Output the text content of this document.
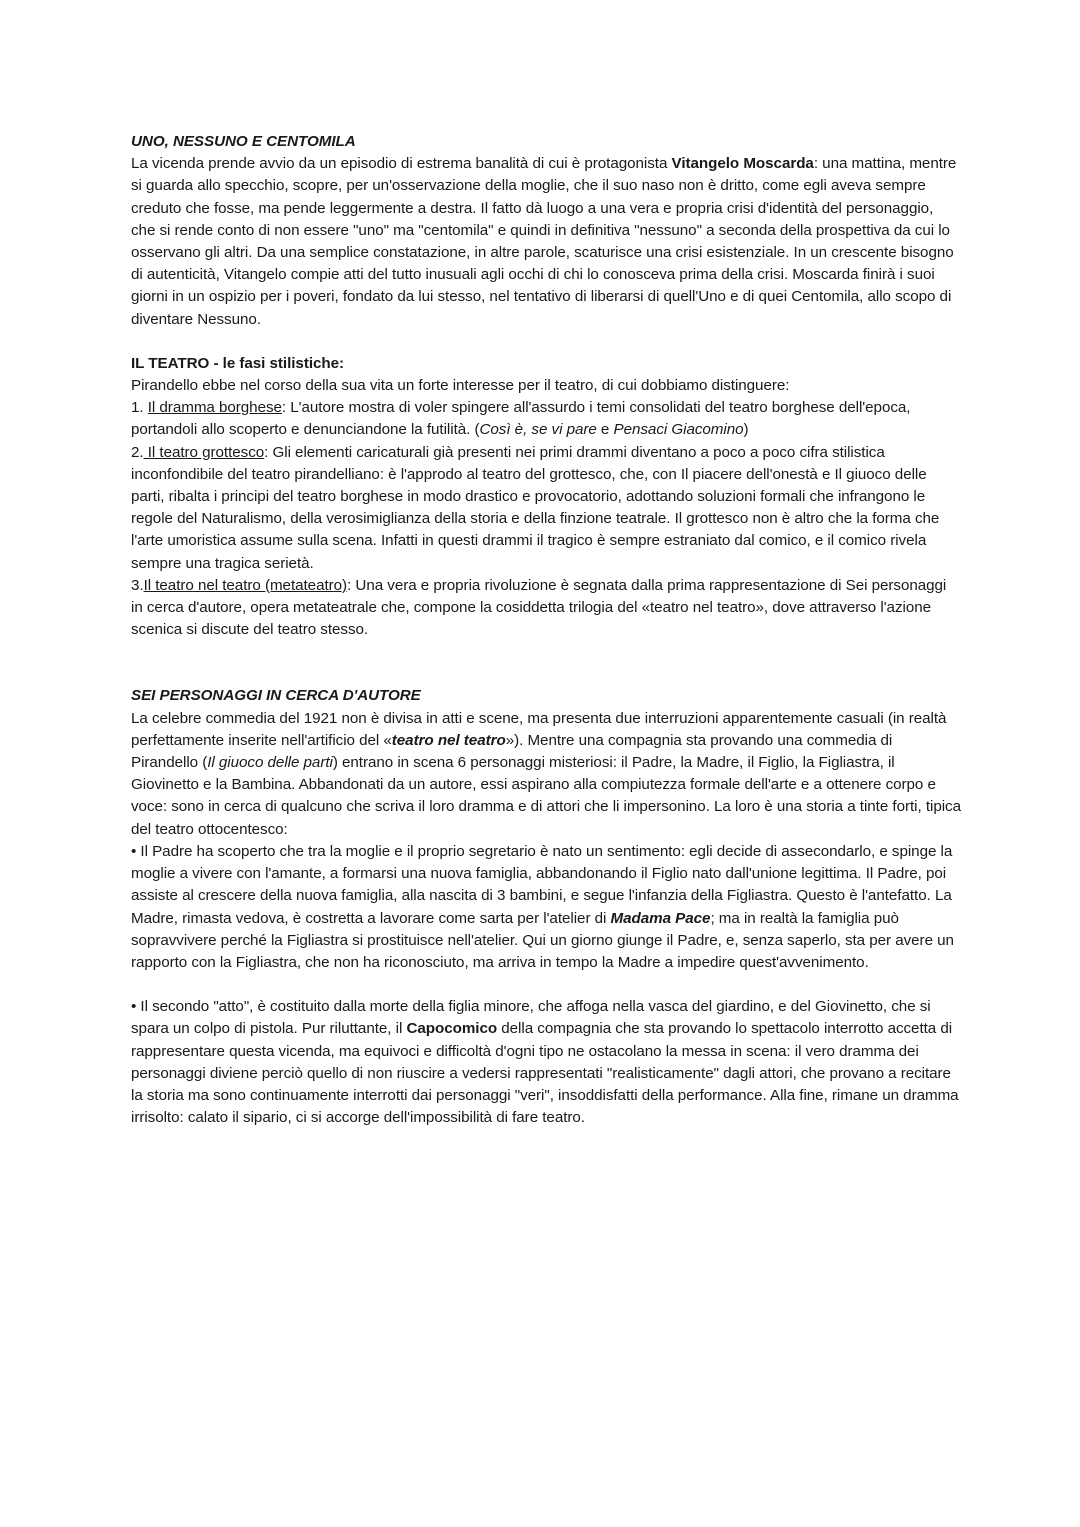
UNO, NESSUNO E CENTOMILA

La vicenda prende avvio da un episodio di estrema banalità di cui è protagonista Vitangelo Moscarda: una mattina, mentre si guarda allo specchio, scopre, per un'osservazione della moglie, che il suo naso non è dritto, come egli aveva sempre creduto che fosse, ma pende leggermente a destra. Il fatto dà luogo a una vera e propria crisi d'identità del personaggio, che si rende conto di non essere "uno" ma "centomila" e quindi in definitiva "nessuno" a seconda della prospettiva da cui lo osservano gli altri. Da una semplice constatazione, in altre parole, scaturisce una crisi esistenziale. In un crescente bisogno di autenticità, Vitangelo compie atti del tutto inusuali agli occhi di chi lo conosceva prima della crisi. Moscarda finirà i suoi giorni in un ospizio per i poveri, fondato da lui stesso, nel tentativo di liberarsi di quell'Uno e di quei Centomila, allo scopo di diventare Nessuno.

IL TEATRO - le fasi stilistiche:

Pirandello ebbe nel corso della sua vita un forte interesse per il teatro, di cui dobbiamo distinguere:

1. Il dramma borghese: L'autore mostra di voler spingere all'assurdo i temi consolidati del teatro borghese dell'epoca, portandoli allo scoperto e denunciandone la futilità. (Così è, se vi pare e Pensaci Giacomino)

2. Il teatro grottesco: Gli elementi caricaturali già presenti nei primi drammi diventano a poco a poco cifra stilistica inconfondibile del teatro pirandelliano: è l'approdo al teatro del grottesco, che, con Il piacere dell'onestà e Il giuoco delle parti, ribalta i principi del teatro borghese in modo drastico e provocatorio, adottando soluzioni formali che infrangono le regole del Naturalismo, della verosimiglianza della storia e della finzione teatrale. Il grottesco non è altro che la forma che l'arte umoristica assume sulla scena. Infatti in questi drammi il tragico è sempre estraniato dal comico, e il comico rivela sempre una tragica serietà.

3.Il teatro nel teatro (metateatro): Una vera e propria rivoluzione è segnata dalla prima rappresentazione di Sei personaggi in cerca d'autore, opera metateatrale che, compone la cosiddetta trilogia del «teatro nel teatro», dove attraverso l'azione scenica si discute del teatro stesso.

SEI PERSONAGGI IN CERCA D'AUTORE

La celebre commedia del 1921 non è divisa in atti e scene, ma presenta due interruzioni apparentemente casuali (in realtà perfettamente inserite nell'artificio del «teatro nel teatro»). Mentre una compagnia sta provando una commedia di Pirandello (Il giuoco delle parti) entrano in scena 6 personaggi misteriosi: il Padre, la Madre, il Figlio, la Figliastra, il Giovinetto e la Bambina. Abbandonati da un autore, essi aspirano alla compiutezza formale dell'arte e a ottenere corpo e voce: sono in cerca di qualcuno che scriva il loro dramma e di attori che li impersonino. La loro è una storia a tinte forti, tipica del teatro ottocentesco:

• Il Padre ha scoperto che tra la moglie e il proprio segretario è nato un sentimento: egli decide di assecondarlo, e spinge la moglie a vivere con l'amante, a formarsi una nuova famiglia, abbandonando il Figlio nato dall'unione legittima. Il Padre, poi assiste al crescere della nuova famiglia, alla nascita di 3 bambini, e segue l'infanzia della Figliastra. Questo è l'antefatto. La Madre, rimasta vedova, è costretta a lavorare come sarta per l'atelier di Madama Pace; ma in realtà la famiglia può sopravvivere perché la Figliastra si prostituisce nell'atelier. Qui un giorno giunge il Padre, e, senza saperlo, sta per avere un rapporto con la Figliastra, che non ha riconosciuto, ma arriva in tempo la Madre a impedire quest'avvenimento.

• Il secondo "atto", è costituito dalla morte della figlia minore, che affoga nella vasca del giardino, e del Giovinetto, che si spara un colpo di pistola. Pur riluttante, il Capocomico della compagnia che sta provando lo spettacolo interrotto accetta di rappresentare questa vicenda, ma equivoci e difficoltà d'ogni tipo ne ostacolano la messa in scena: il vero dramma dei personaggi diviene perciò quello di non riuscire a vedersi rappresentati "realisticamente" dagli attori, che provano a recitare la storia ma sono continuamente interrotti dai personaggi "veri", insoddisfatti della performance. Alla fine, rimane un dramma irrisolto: calato il sipario, ci si accorge dell'impossibilità di fare teatro.
